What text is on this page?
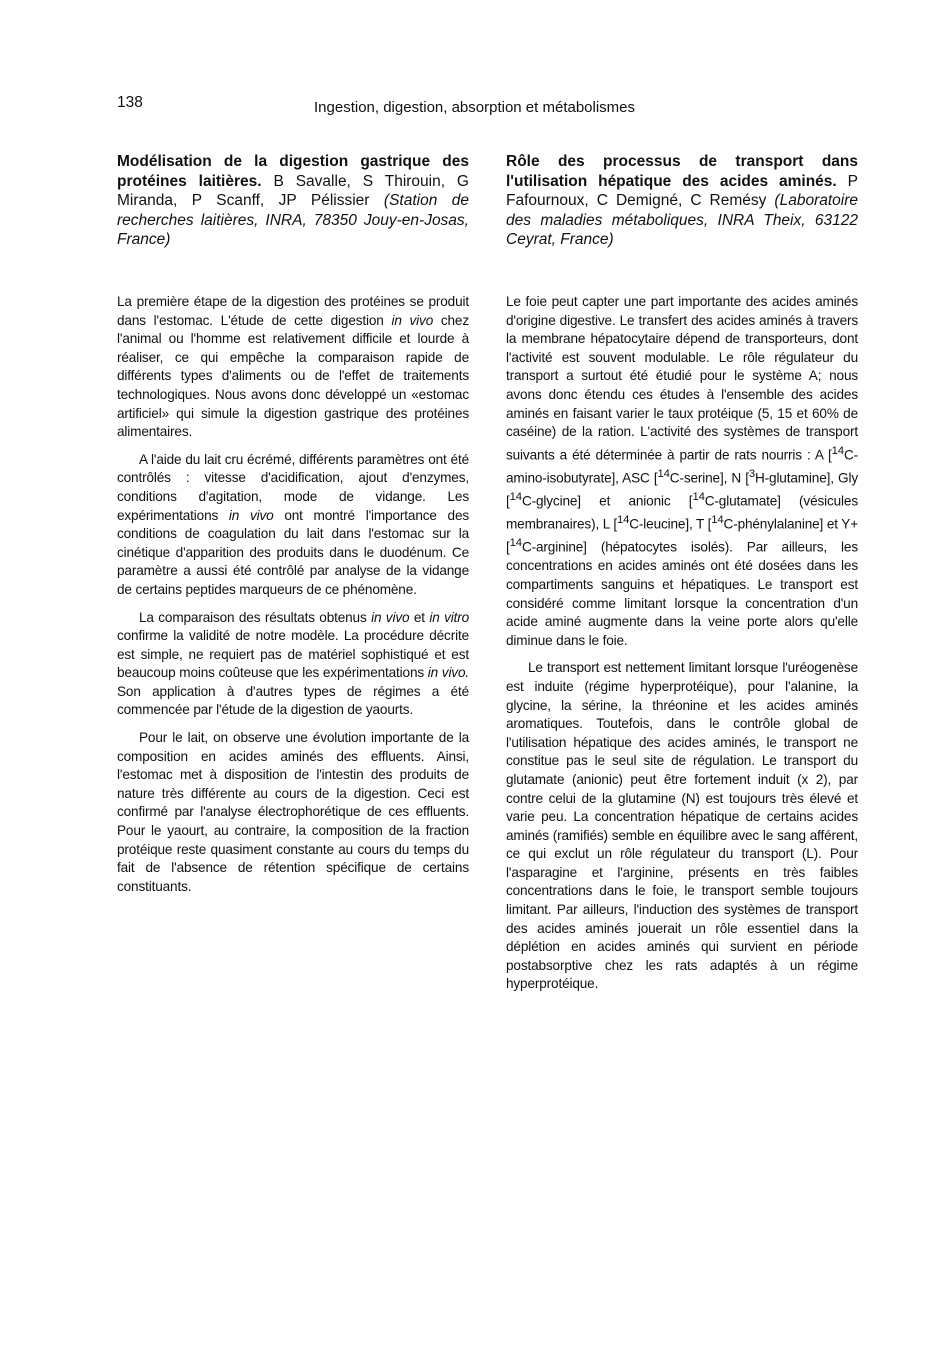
138	Ingestion, digestion, absorption et métabolismes

Modélisation de la digestion gastrique des protéines laitières. B Savalle, S Thirouin, G Miranda, P Scanff, JP Pélissier (Station de recherches laitières, INRA, 78350 Jouy-en-Josas, France)

La première étape de la digestion des protéines se produit dans l'estomac. L'étude de cette digestion in vivo chez l'animal ou l'homme est relativement difficile et lourde à réaliser, ce qui empêche la comparaison rapide de différents types d'aliments ou de l'effet de traitements technologiques. Nous avons donc développé un «estomac artificiel» qui simule la digestion gastrique des protéines alimentaires.

A l'aide du lait cru écrémé, différents paramètres ont été contrôlés : vitesse d'acidification, ajout d'enzymes, conditions d'agitation, mode de vidange. Les expérimentations in vivo ont montré l'importance des conditions de coagulation du lait dans l'estomac sur la cinétique d'apparition des produits dans le duodénum. Ce paramètre a aussi été contrôlé par analyse de la vidange de certains peptides marqueurs de ce phénomène.

La comparaison des résultats obtenus in vivo et in vitro confirme la validité de notre modèle. La procédure décrite est simple, ne requiert pas de matériel sophistiqué et est beaucoup moins coûteuse que les expérimentations in vivo. Son application à d'autres types de régimes a été commencée par l'étude de la digestion de yaourts.

Pour le lait, on observe une évolution importante de la composition en acides aminés des effluents. Ainsi, l'estomac met à disposition de l'intestin des produits de nature très différente au cours de la digestion. Ceci est confirmé par l'analyse électrophorétique de ces effluents. Pour le yaourt, au contraire, la composition de la fraction protéique reste quasiment constante au cours du temps du fait de l'absence de rétention spécifique de certains constituants.

Rôle des processus de transport dans l'utilisation hépatique des acides aminés. P Fafournoux, C Demigné, C Remésy (Laboratoire des maladies métaboliques, INRA Theix, 63122 Ceyrat, France)

Le foie peut capter une part importante des acides aminés d'origine digestive. Le transfert des acides aminés à travers la membrane hépatocytaire dépend de transporteurs, dont l'activité est souvent modulable. Le rôle régulateur du transport a surtout été étudié pour le système A; nous avons donc étendu ces études à l'ensemble des acides aminés en faisant varier le taux protéique (5, 15 et 60% de caséine) de la ration. L'activité des systèmes de transport suivants a été déterminée à partir de rats nourris : A [$^{14}$C-amino-isobutyrate], ASC [$^{14}$C-serine], N [$^3$H-glutamine], Gly [$^{14}$C-glycine] et anionic [$^{14}$C-glutamate] (vésicules membranaires), L [$^{14}$C-leucine], T [$^{14}$C-phénylalanine] et Y+ [$^{14}$C-arginine] (hépatocytes isolés). Par ailleurs, les concentrations en acides aminés ont été dosées dans les compartiments sanguins et hépatiques. Le transport est considéré comme limitant lorsque la concentration d'un acide aminé augmente dans la veine porte alors qu'elle diminue dans le foie.

Le transport est nettement limitant lorsque l'uréogenèse est induite (régime hyperprotéique), pour l'alanine, la glycine, la sérine, la thréonine et les acides aminés aromatiques. Toutefois, dans le contrôle global de l'utilisation hépatique des acides aminés, le transport ne constitue pas le seul site de régulation. Le transport du glutamate (anionic) peut être fortement induit (x 2), par contre celui de la glutamine (N) est toujours très élevé et varie peu. La concentration hépatique de certains acides aminés (ramifiés) semble en équilibre avec le sang afférent, ce qui exclut un rôle régulateur du transport (L). Pour l'asparagine et l'arginine, présents en très faibles concentrations dans le foie, le transport semble toujours limitant. Par ailleurs, l'induction des systèmes de transport des acides aminés jouerait un rôle essentiel dans la déplétion en acides aminés qui survient en période postabsorptive chez les rats adaptés à un régime hyperprotéique.
